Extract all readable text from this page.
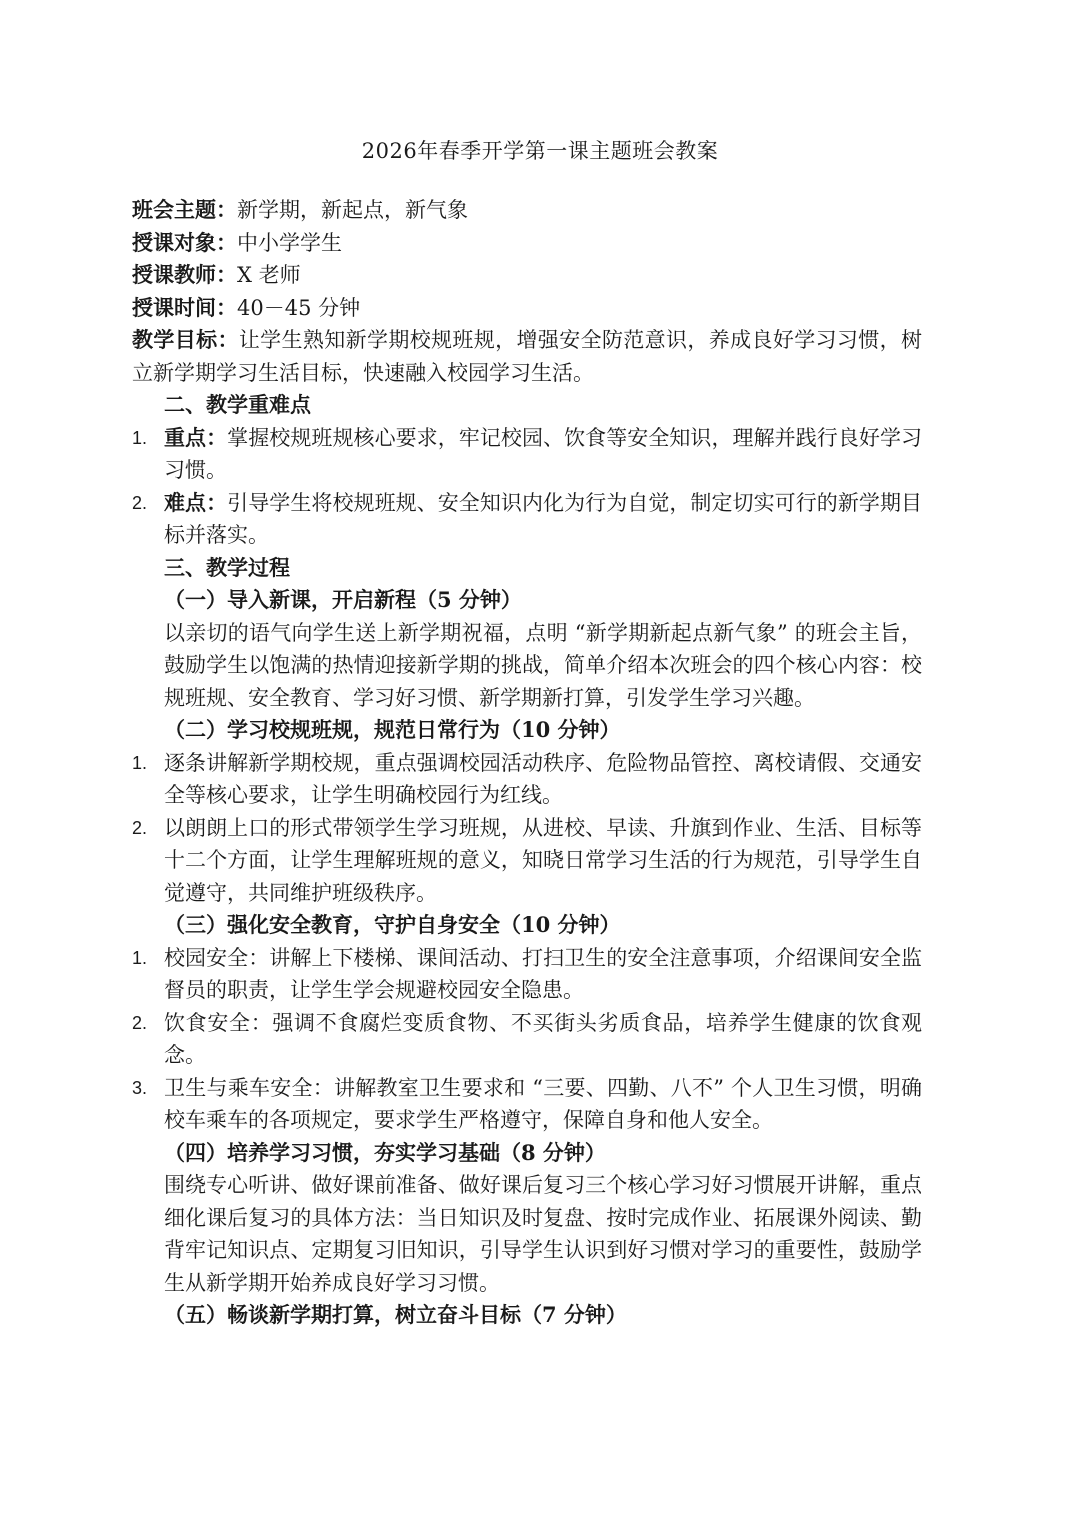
2026年春季开学第一课主题班会教案
班会主题：新学期，新起点，新气象
授课对象：中小学学生
授课教师：X 老师
授课时间：40－45 分钟
教学目标：让学生熟知新学期校规班规，增强安全防范意识，养成良好学习习惯，树立新学期学习生活目标，快速融入校园学习生活。
二、教学重难点
1. 重点：掌握校规班规核心要求，牢记校园、饮食等安全知识，理解并践行良好学习习惯。
2. 难点：引导学生将校规班规、安全知识内化为行为自觉，制定切实可行的新学期目标并落实。
三、教学过程
（一）导入新课，开启新程（5 分钟）
以亲切的语气向学生送上新学期祝福，点明 “新学期新起点新气象” 的班会主旨，鼓励学生以饱满的热情迎接新学期的挑战，简单介绍本次班会的四个核心内容：校规班规、安全教育、学习好习惯、新学期新打算，引发学生学习兴趣。
（二）学习校规班规，规范日常行为（10 分钟）
1. 逐条讲解新学期校规，重点强调校园活动秩序、危险物品管控、离校请假、交通安全等核心要求，让学生明确校园行为红线。
2. 以朗朗上口的形式带领学生学习班规，从进校、早读、升旗到作业、生活、目标等十二个方面，让学生理解班规的意义，知晓日常学习生活的行为规范，引导学生自觉遵守，共同维护班级秩序。
（三）强化安全教育，守护自身安全（10 分钟）
1. 校园安全：讲解上下楼梯、课间活动、打扫卫生的安全注意事项，介绍课间安全监督员的职责，让学生学会规避校园安全隐患。
2. 饮食安全：强调不食腐烂变质食物、不买街头劣质食品，培养学生健康的饮食观念。
3. 卫生与乘车安全：讲解教室卫生要求和 “三要、四勤、八不” 个人卫生习惯，明确校车乘车的各项规定，要求学生严格遵守，保障自身和他人安全。
（四）培养学习习惯，夯实学习基础（8 分钟）
围绕专心听讲、做好课前准备、做好课后复习三个核心学习好习惯展开讲解，重点细化课后复习的具体方法：当日知识及时复盘、按时完成作业、拓展课外阅读、勤背牢记知识点、定期复习旧知识，引导学生认识到好习惯对学习的重要性，鼓励学生从新学期开始养成良好学习习惯。
（五）畅谈新学期打算，树立奋斗目标（7 分钟）
